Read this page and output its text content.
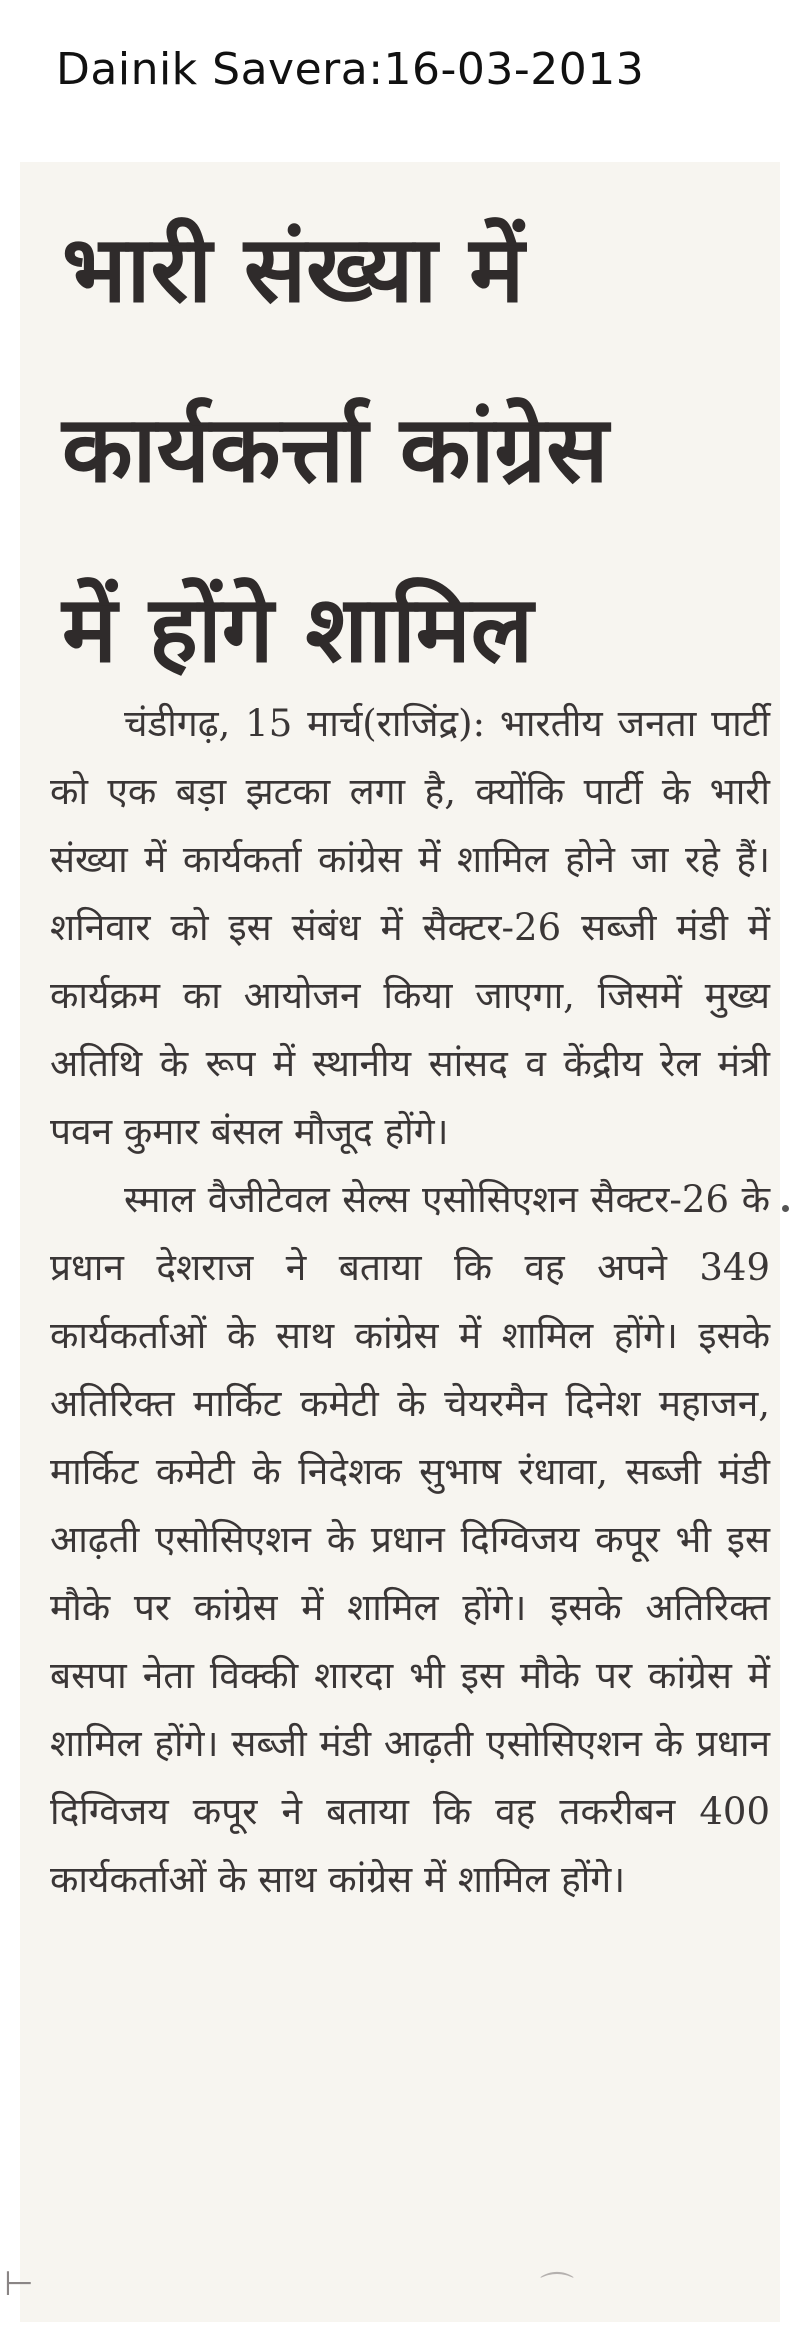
Dainik Savera:16-03-2013
भारी संख्या में
कार्यकर्त्ता कांग्रेस
में होंगे शामिल

चंडीगढ़, 15 मार्च(राजिंद्र): भारतीय जनता पार्टी को एक बड़ा झटका लगा है, क्योंकि पार्टी के भारी संख्या में कार्यकर्ता कांग्रेस में शामिल होने जा रहे हैं। शनिवार को इस संबंध में सैक्टर-26 सब्जी मंडी में कार्यक्रम का आयोजन किया जाएगा, जिसमें मुख्य अतिथि के रूप में स्थानीय सांसद व केंद्रीय रेल मंत्री पवन कुमार बंसल मौजूद होंगे।

स्माल वैजीटेवल सेल्स एसोसिएशन सैक्टर-26 के प्रधान देशराज ने बताया कि वह अपने 349 कार्यकर्ताओं के साथ कांग्रेस में शामिल होंगे। इसके अतिरिक्त मार्किट कमेटी के चेयरमैन दिनेश महाजन, मार्किट कमेटी के निदेशक सुभाष रंधावा, सब्जी मंडी आढ़ती एसोसिएशन के प्रधान दिग्विजय कपूर भी इस मौके पर कांग्रेस में शामिल होंगे। इसके अतिरिक्त बसपा नेता विक्की शारदा भी इस मौके पर कांग्रेस में शामिल होंगे। सब्जी मंडी आढ़ती एसोसिएशन के प्रधान दिग्विजय कपूर ने बताया कि वह तकरीबन 400 कार्यकर्ताओं के साथ कांग्रेस में शामिल होंगे।

⊢	⌒
